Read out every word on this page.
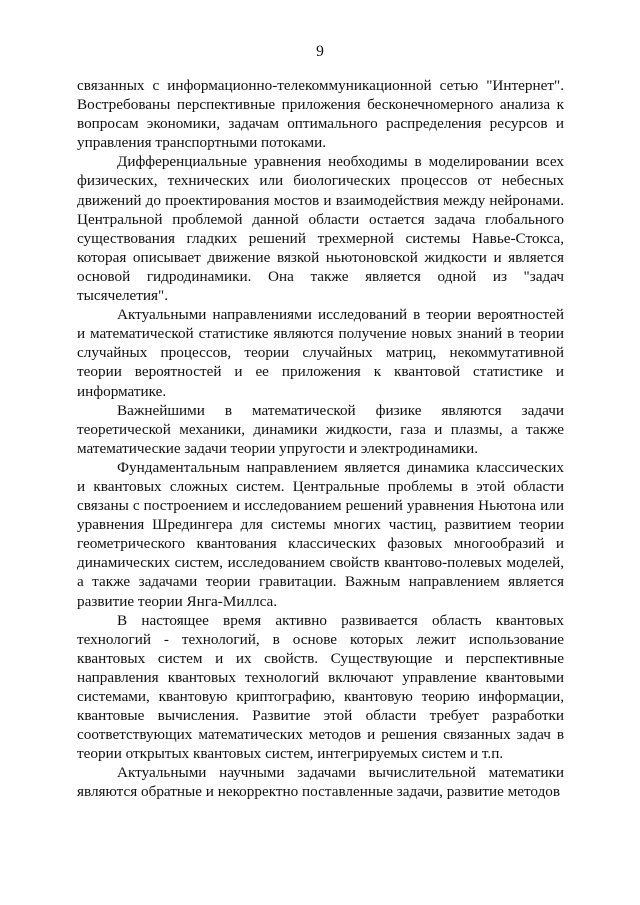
9

связанных с информационно-телекоммуникационной сетью "Интернет". Востребованы перспективные приложения бесконечномерного анализа к вопросам экономики, задачам оптимального распределения ресурсов и управления транспортными потоками.

Дифференциальные уравнения необходимы в моделировании всех физических, технических или биологических процессов от небесных движений до проектирования мостов и взаимодействия между нейронами. Центральной проблемой данной области остается задача глобального существования гладких решений трехмерной системы Навье-Стокса, которая описывает движение вязкой ньютоновской жидкости и является основой гидродинамики. Она также является одной из "задач тысячелетия".

Актуальными направлениями исследований в теории вероятностей и математической статистике являются получение новых знаний в теории случайных процессов, теории случайных матриц, некоммутативной теории вероятностей и ее приложения к квантовой статистике и информатике.

Важнейшими в математической физике являются задачи теоретической механики, динамики жидкости, газа и плазмы, а также математические задачи теории упругости и электродинамики.

Фундаментальным направлением является динамика классических и квантовых сложных систем. Центральные проблемы в этой области связаны с построением и исследованием решений уравнения Ньютона или уравнения Шредингера для системы многих частиц, развитием теории геометрического квантования классических фазовых многообразий и динамических систем, исследованием свойств квантово-полевых моделей, а также задачами теории гравитации. Важным направлением является развитие теории Янга-Миллса.

В настоящее время активно развивается область квантовых технологий - технологий, в основе которых лежит использование квантовых систем и их свойств. Существующие и перспективные направления квантовых технологий включают управление квантовыми системами, квантовую криптографию, квантовую теорию информации, квантовые вычисления. Развитие этой области требует разработки соответствующих математических методов и решения связанных задач в теории открытых квантовых систем, интегрируемых систем и т.п.

Актуальными научными задачами вычислительной математики являются обратные и некорректно поставленные задачи, развитие методов
